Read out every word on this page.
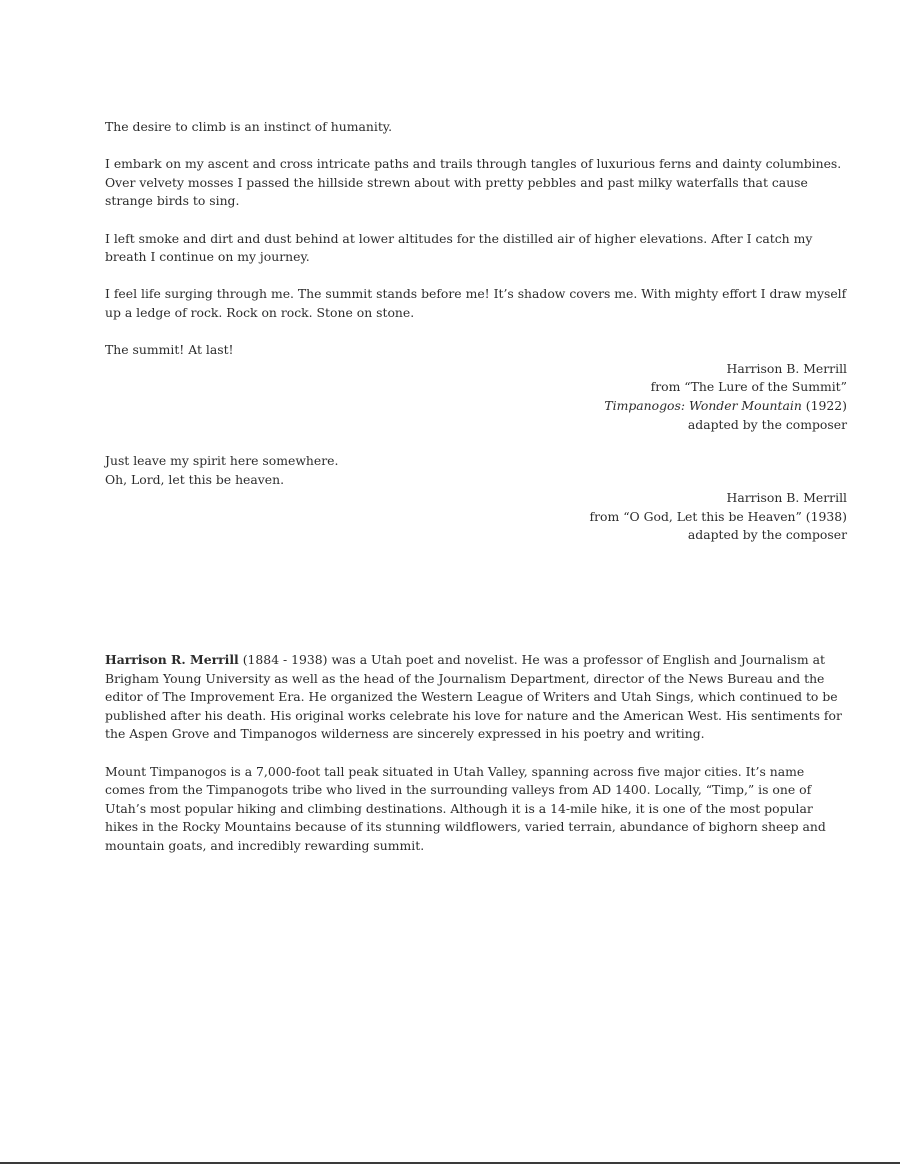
The desire to climb is an instinct of humanity.

I embark on my ascent and cross intricate paths and trails through tangles of luxurious ferns and dainty columbines. Over velvety mosses I passed the hillside strewn about with pretty pebbles and past milky waterfalls that cause strange birds to sing.

I left smoke and dirt and dust behind at lower altitudes for the distilled air of higher elevations. After I catch my breath I continue on my journey.

I feel life surging through me. The summit stands before me! It’s shadow covers me. With mighty effort I draw myself up a ledge of rock. Rock on rock. Stone on stone.

The summit! At last!

Harrison B. Merrill

from “The Lure of the Summit”

Timpanogos: Wonder Mountain (1922)

adapted by the composer

Just leave my spirit here somewhere.

Oh, Lord, let this be heaven.

Harrison B. Merrill

from “O God, Let this be Heaven” (1938)

adapted by the composer

Harrison R. Merrill (1884 - 1938) was a Utah poet and novelist. He was a professor of English and Journalism at Brigham Young University as well as the head of the Journalism Department, director of the News Bureau and the editor of The Improvement Era. He organized the Western League of Writers and Utah Sings, which continued to be published after his death. His original works celebrate his love for nature and the American West. His sentiments for the Aspen Grove and Timpanogos wilderness are sincerely expressed in his poetry and writing.

Mount Timpanogos is a 7,000-foot tall peak situated in Utah Valley, spanning across five major cities. It’s name comes from the Timpanogots tribe who lived in the surrounding valleys from AD 1400. Locally, “Timp,” is one of Utah’s most popular hiking and climbing destinations. Although it is a 14-mile hike, it is one of the most popular hikes in the Rocky Mountains because of its stunning wildflowers, varied terrain, abundance of bighorn sheep and mountain goats, and incredibly rewarding summit.
